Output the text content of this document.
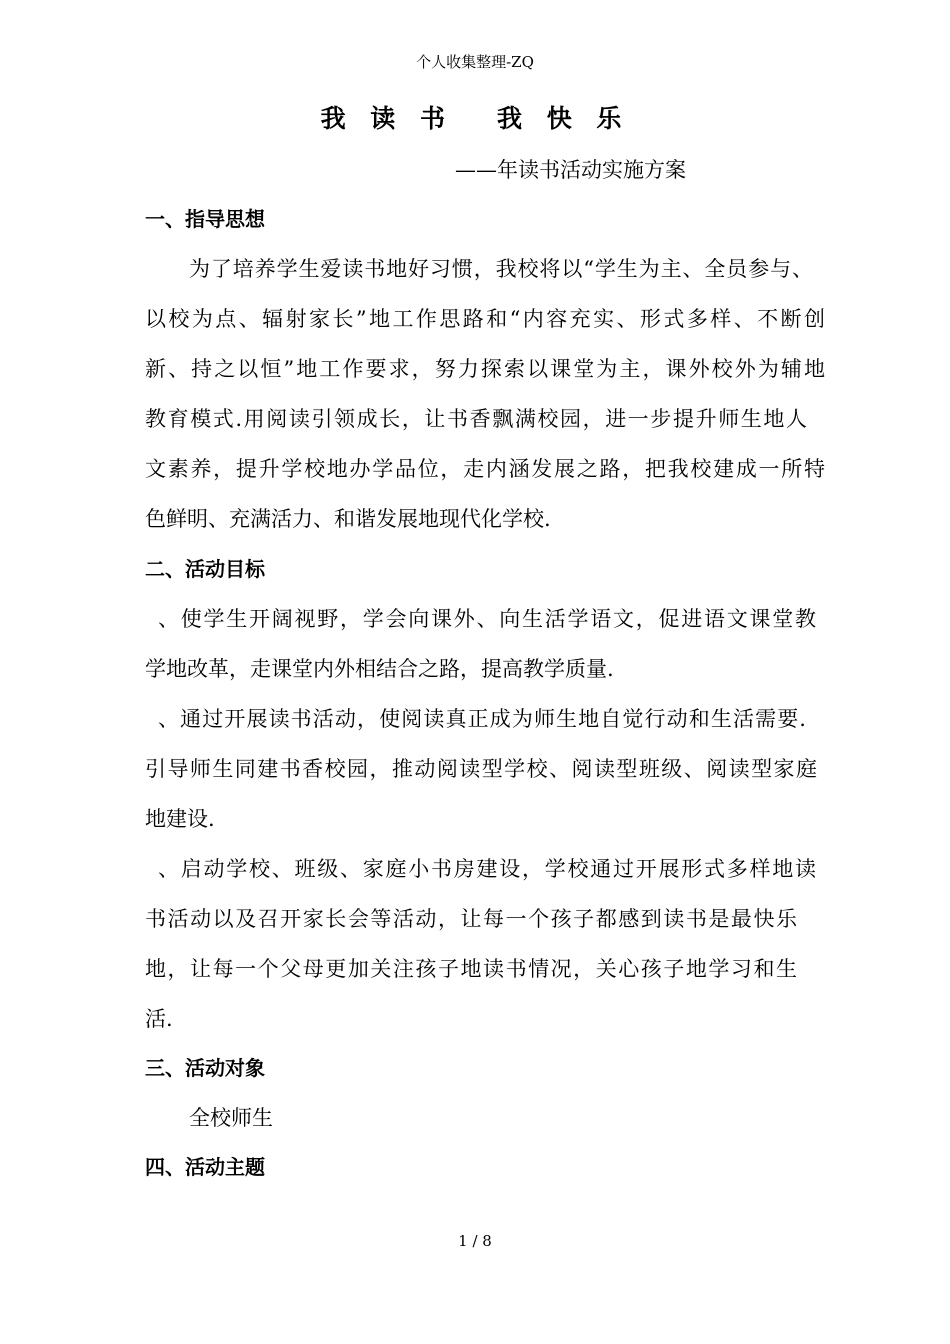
个人收集整理-ZQ
我 读 书 我 快 乐
——年读书活动实施方案
一、指导思想
为了培养学生爱读书地好习惯，我校将以“学生为主、全员参与、
以校为点、辐射家长”地工作思路和“内容充实、形式多样、不断创
新、持之以恒”地工作要求，努力探索以课堂为主，课外校外为辅地
教育模式.用阅读引领成长，让书香飘满校园，进一步提升师生地人
文素养，提升学校地办学品位，走内涵发展之路，把我校建成一所特
色鲜明、充满活力、和谐发展地现代化学校.
二、活动目标
、使学生开阔视野，学会向课外、向生活学语文，促进语文课堂教
学地改革，走课堂内外相结合之路，提高教学质量.
、通过开展读书活动，使阅读真正成为师生地自觉行动和生活需要.
引导师生同建书香校园，推动阅读型学校、阅读型班级、阅读型家庭
地建设.
、启动学校、班级、家庭小书房建设，学校通过开展形式多样地读
书活动以及召开家长会等活动，让每一个孩子都感到读书是最快乐
地，让每一个父母更加关注孩子地读书情况，关心孩子地学习和生
活.
三、活动对象
全校师生
四、活动主题
1 / 8
